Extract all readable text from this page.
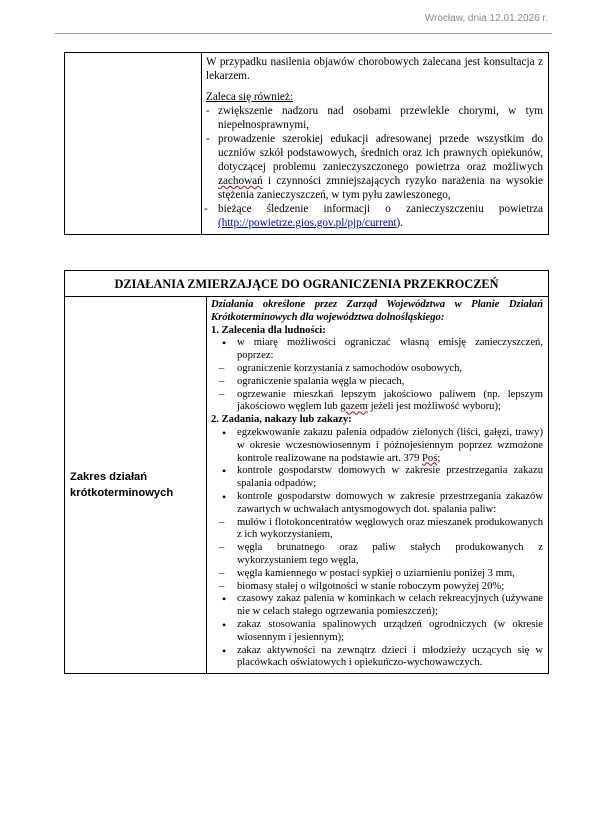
Wrocław, dnia 12.01.2026 r.

W przypadku nasilenia objawów chorobowych zalecana jest konsultacja z lekarzem.
Zaleca się również:
- zwiększenie nadzoru nad osobami przewlekle chorymi, w tym niepełnosprawnymi,
- prowadzenie szerokiej edukacji adresowanej przede wszystkim do uczniów szkół podstawowych, średnich oraz ich prawnych opiekunów, dotyczącej problemu zanieczyszczonego powietrza oraz możliwych zachowań i czynności zmniejszających ryzyko narażenia na wysokie stężenia zanieczyszczeń, w tym pyłu zawieszonego,
- bieżące śledzenie informacji o zanieczyszczeniu powietrza (http://powietrze.gios.gov.pl/pjp/current).
DZIAŁANIA ZMIERZAJĄCE DO OGRANICZENIA PRZEKROCZEŃ
Zakres działań krótkoterminowych	
Działania określone przez Zarząd Województwa w Planie Działań Krótkoterminowych dla województwa dolnośląskiego:
1. Zalecenia dla ludności:
• w miarę możliwości ograniczać własną emisję zanieczyszczeń, poprzez:
– ograniczenie korzystania z samochodów osobowych,
– ograniczenie spalania węgla w piecach,
– ogrzewanie mieszkań lepszym jakościowo paliwem (np. lepszym jakościowo węglem lub gazem jeżeli jest możliwość wyboru);
2. Zadania, nakazy lub zakazy:
• egzekwowanie zakazu palenia odpadów zielonych (liści, gałęzi, trawy) w okresie wczesnowiosennym i późnojesiennym poprzez wzmożone kontrole realizowane na podstawie art. 379 Poś;
• kontrole gospodarstw domowych w zakresie przestrzegania zakazu spalania odpadów;
• kontrole gospodarstw domowych w zakresie przestrzegania zakazów zawartych w uchwałach antysmogowych dot. spalania paliw:
– mułów i flotokoncentratów węglowych oraz mieszanek produkowanych z ich wykorzystaniem,
– węgla brunatnego oraz paliw stałych produkowanych z wykorzystaniem tego węgla,
– węgla kamiennego w postaci sypkiej o uziarnieniu poniżej 3 mm,
– biomasy stałej o wilgotności w stanie roboczym powyżej 20%;
• czasowy zakaz palenia w kominkach w celach rekreacyjnych (używane nie w celach stałego ogrzewania pomieszczeń);
• zakaz stosowania spalinowych urządzeń ogrodniczych (w okresie wiosennym i jesiennym);
• zakaz aktywności na zewnątrz dzieci i młodzieży uczących się w placówkach oświatowych i opiekuńczo-wychowawczych.
